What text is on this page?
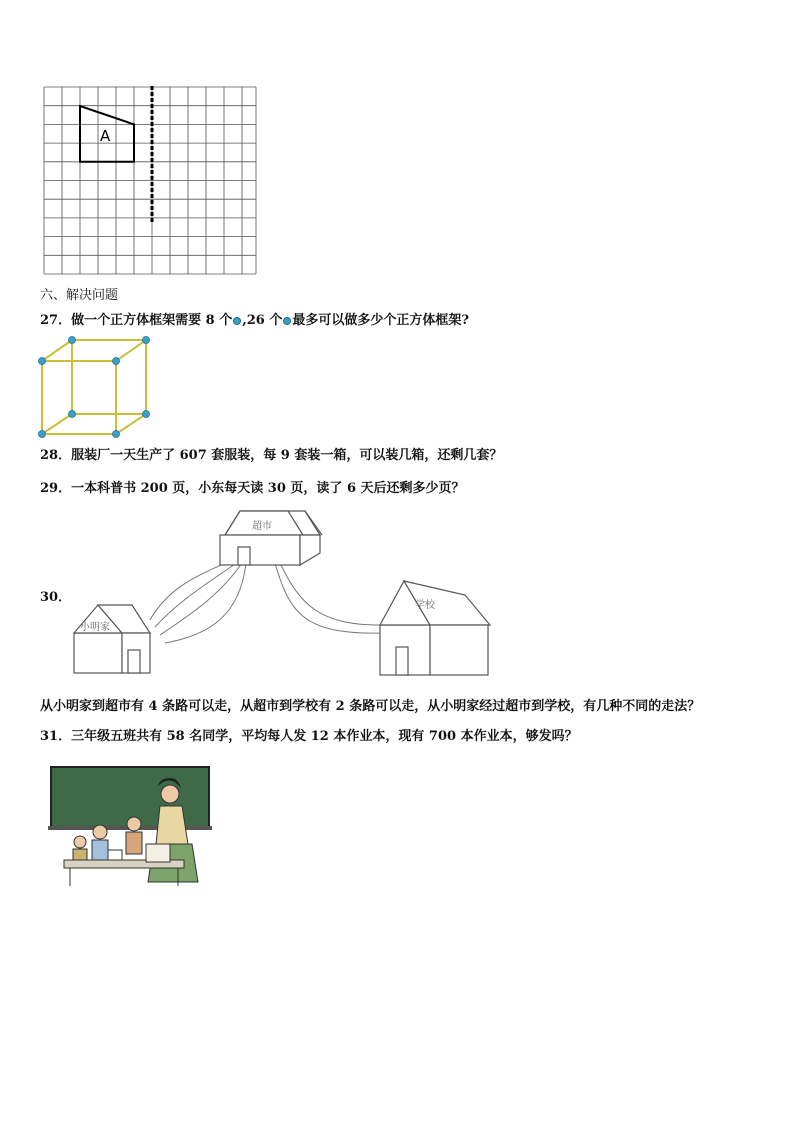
A
六、解决问题
27．做一个正方体框架需要 8 个 ,26 个 最多可以做多少个正方体框架?
28．服装厂一天生产了 607 套服装，每 9 套装一箱，可以装几箱，还剩几套？
29．一本科普书 200 页，小东每天读 30 页，读了 6 天后还剩多少页？
30．
超市
小明家
学校
从小明家到超市有 4 条路可以走，从超市到学校有 2 条路可以走，从小明家经过超市到学校，有几种不同的走法？
31．三年级五班共有 58 名同学，平均每人发 12 本作业本，现有 700 本作业本，够发吗？
